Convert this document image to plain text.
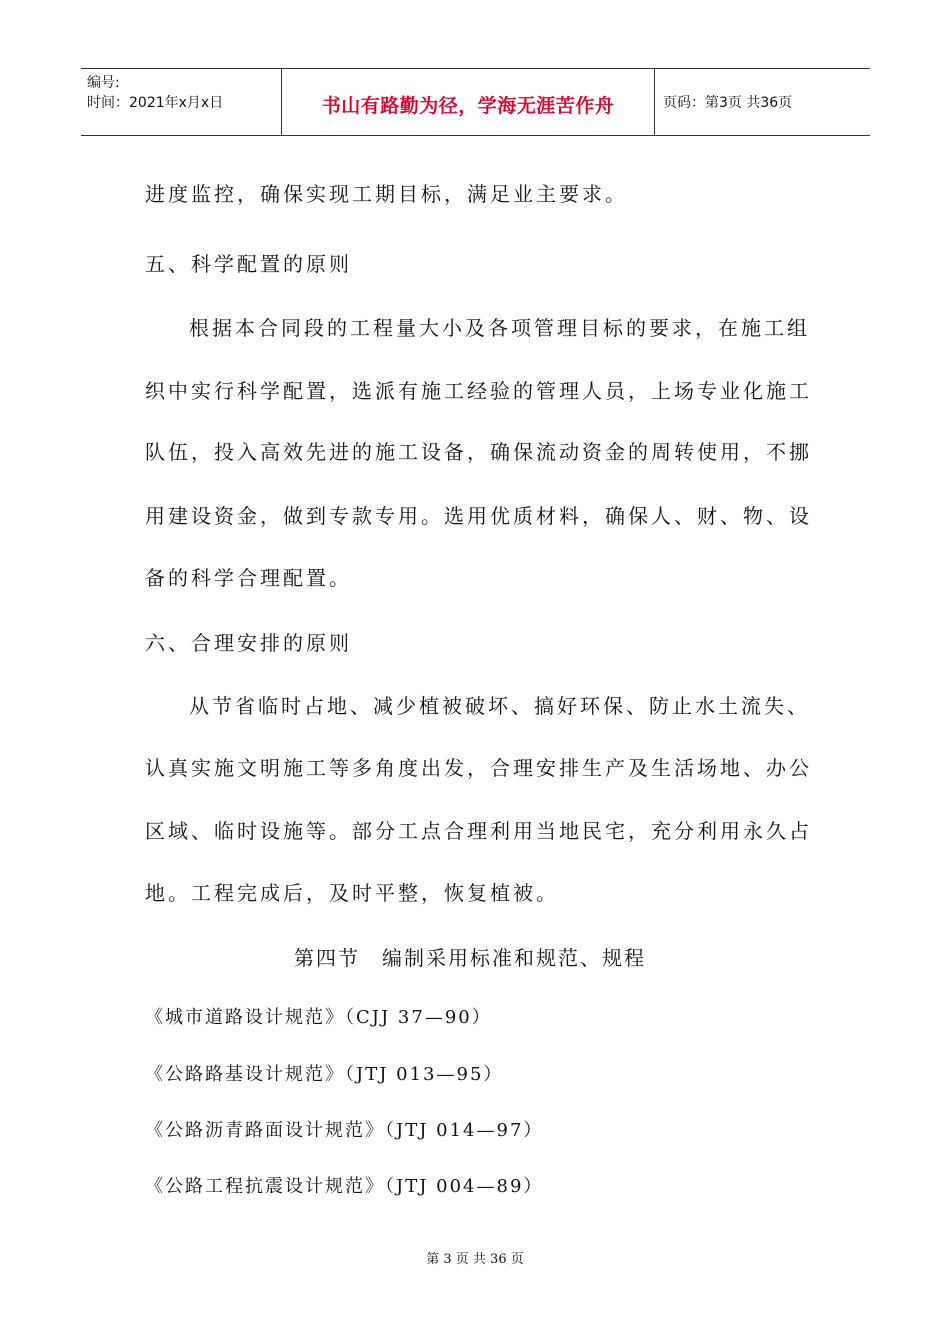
编号:
时间：2021年x月x日	书山有路勤为径，学海无涯苦作舟	页码：第3页 共36页
进度监控，确保实现工期目标，满足业主要求。
五、科学配置的原则
根据本合同段的工程量大小及各项管理目标的要求，在施工组
织中实行科学配置，选派有施工经验的管理人员，上场专业化施工
队伍，投入高效先进的施工设备，确保流动资金的周转使用，不挪
用建设资金，做到专款专用。选用优质材料，确保人、财、物、设
备的科学合理配置。
六、合理安排的原则
从节省临时占地、减少植被破坏、搞好环保、防止水土流失、
认真实施文明施工等多角度出发，合理安排生产及生活场地、办公
区域、临时设施等。部分工点合理利用当地民宅，充分利用永久占
地。工程完成后，及时平整，恢复植被。
第四节　编制采用标准和规范、规程
《城市道路设计规范》（CJJ 37—90）
《公路路基设计规范》（JTJ 013—95）
《公路沥青路面设计规范》（JTJ 014—97）
《公路工程抗震设计规范》（JTJ 004—89）
第 3 页 共 36 页
